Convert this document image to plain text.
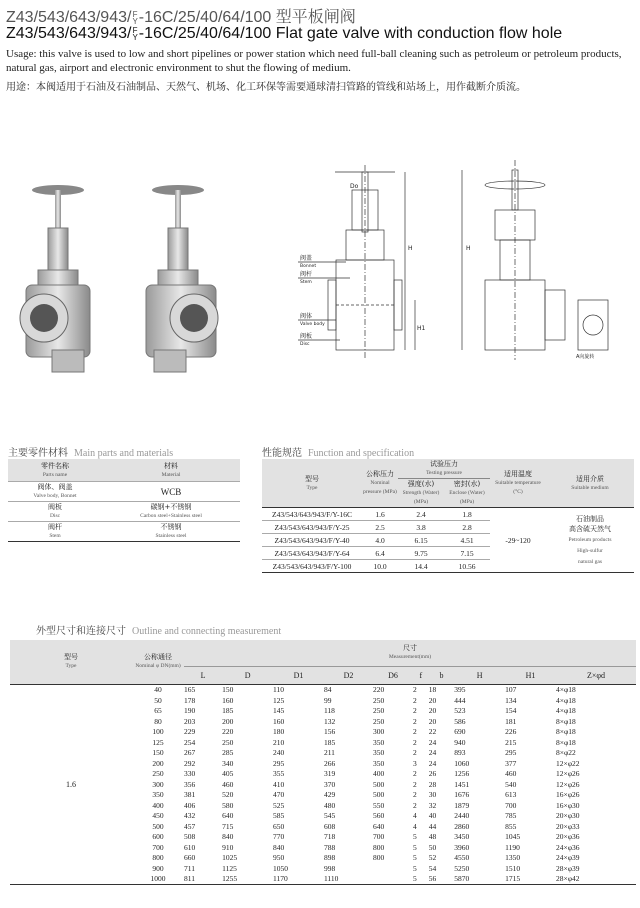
Z43/543/643/943/F
Y-16C/25/40/64/100 型平板闸阀
Z43/543/643/943/F
Y-16C/25/40/64/100 Flat gate valve with conduction flow hole
Usage: this valve is used to low and short pipelines or power station which need full-ball cleaning such as petroleum or petroleum products, natural gas, airport and electronic environment to shut the flowing of medium.
用途：本阀适用于石油及石油制品、天然气、机场、化工环保等需要通球清扫管路的管线和站场上，用作截断介质流。
Do
H
H1
H
阀盖
Bonnet
阀杆
Stem
阀体
Valve body
阀板
Disc
A向旋转
主要零件材料 Main parts and materials
零件名称
Parts name	材料
Material
阀体、阀盖
Valve body, Bonnet	WCB
阀板
Disc	碳钢+不锈钢
Carbon steel+Stainless steel
阀杆
Stem	不锈钢
Stainless steel
性能规范 Function and specification
型号
Type	公称压力
Nominal pressure (MPa)	试验压力
Testing pressure		适用温度
Suitable temperature (°C)	适用介质
Suitable medium
		强度(水)
Strength (Water) (MPa)	密封(水)
Enclose (Water) (MPa)		
Z43/543/643/943/F/Y-16C	1.6	2.4	1.8	-29~120	石油制品
高含硫天然气
Petroleum products
High-sulfur
natural gas
Z43/543/643/943/F/Y-25	2.5	3.8	2.8		
Z43/543/643/943/F/Y-40	4.0	6.15	4.51		
Z43/543/643/943/F/Y-64	6.4	9.75	7.15		
Z43/543/643/943/F/Y-100	10.0	14.4	10.56		
外型尺寸和连接尺寸 Outline and connecting measurement
型号
Type	公称通径
Nominal φ DN(mm)	尺寸
Measurement(mm)									
		L	D	D1	D2	D6	f	b	H	H1	Z×φd
1.6	40	165	150	110	84	220	2	18	395	107	4×φ18
	50	178	160	125	99	250	2	20	444	134	4×φ18
	65	190	185	145	118	250	2	20	523	154	4×φ18
	80	203	200	160	132	250	2	20	586	181	8×φ18
	100	229	220	180	156	300	2	22	690	226	8×φ18
	125	254	250	210	185	350	2	24	940	215	8×φ18
	150	267	285	240	211	350	2	24	893	295	8×φ22
	200	292	340	295	266	350	3	24	1060	377	12×φ22
	250	330	405	355	319	400	2	26	1256	460	12×φ26
	300	356	460	410	370	500	2	28	1451	540	12×φ26
	350	381	520	470	429	500	2	30	1676	613	16×φ26
	400	406	580	525	480	550	2	32	1879	700	16×φ30
	450	432	640	585	545	560	4	40	2440	785	20×φ30
	500	457	715	650	608	640	4	44	2860	855	20×φ33
	600	508	840	770	718	700	5	48	3450	1045	20×φ36
	700	610	910	840	788	800	5	50	3960	1190	24×φ36
	800	660	1025	950	898	800	5	52	4550	1350	24×φ39
	900	711	1125	1050	998		5	54	5250	1510	28×φ39
	1000	811	1255	1170	1110		5	56	5870	1715	28×φ42
